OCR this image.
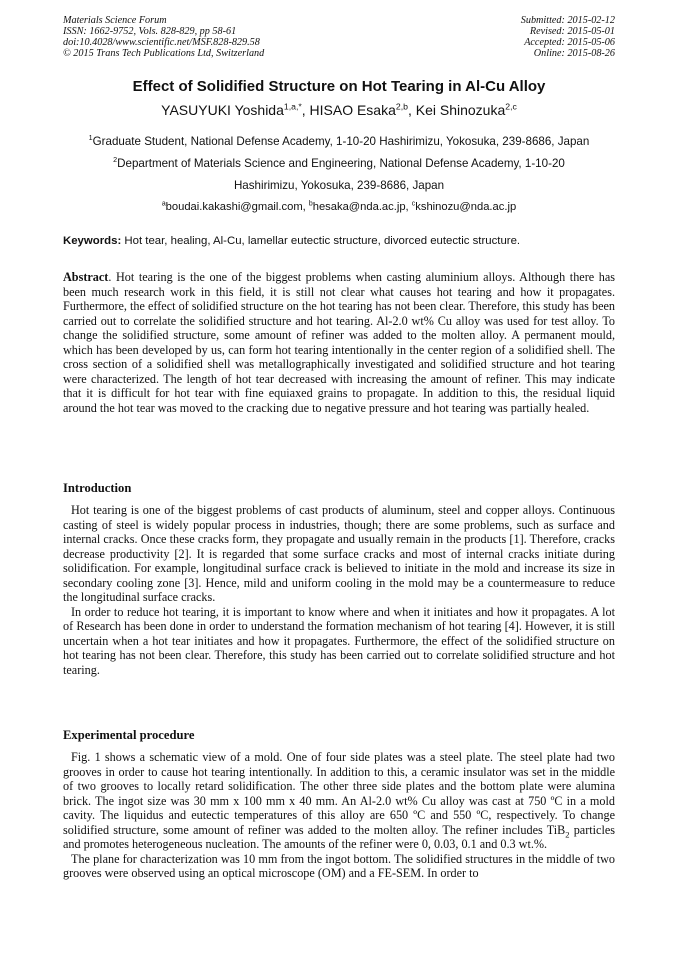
Materials Science Forum
ISSN: 1662-9752, Vols. 828-829, pp 58-61
doi:10.4028/www.scientific.net/MSF.828-829.58
© 2015 Trans Tech Publications Ltd, Switzerland
Submitted: 2015-02-12
Revised: 2015-05-01
Accepted: 2015-05-06
Online: 2015-08-26
Effect of Solidified Structure on Hot Tearing in Al-Cu Alloy
YASUYUKI Yoshida$^{1,a,*}$, HISAO Esaka$^{2,b}$, Kei Shinozuka$^{2,c}$
$^1$Graduate Student, National Defense Academy, 1-10-20 Hashirimizu, Yokosuka, 239-8686, Japan
$^2$Department of Materials Science and Engineering, National Defense Academy, 1-10-20
Hashirimizu, Yokosuka, 239-8686, Japan
$^a$boudai.kakashi@gmail.com, $^b$hesaka@nda.ac.jp, $^c$kshinozu@nda.ac.jp
Keywords: Hot tear, healing, Al-Cu, lamellar eutectic structure, divorced eutectic structure.

Abstract. Hot tearing is the one of the biggest problems when casting aluminium alloys. Although there has been much research work in this field, it is still not clear what causes hot tearing and how it propagates. Furthermore, the effect of solidified structure on the hot tearing has not been clear. Therefore, this study has been carried out to correlate the solidified structure and hot tearing. Al-2.0 wt% Cu alloy was used for test alloy. To change the solidified structure, some amount of refiner was added to the molten alloy. A permanent mould, which has been developed by us, can form hot tearing intentionally in the center region of a solidified shell. The cross section of a solidified shell was metallographically investigated and solidified structure and hot tearing were characterized. The length of hot tear decreased with increasing the amount of refiner. This may indicate that it is difficult for hot tear with fine equiaxed grains to propagate. In addition to this, the residual liquid around the hot tear was moved to the cracking due to negative pressure and hot tearing was partially healed.

Introduction

Hot tearing is one of the biggest problems of cast products of aluminum, steel and copper alloys. Continuous casting of steel is widely popular process in industries, though; there are some problems, such as surface and internal cracks. Once these cracks form, they propagate and usually remain in the products [1]. Therefore, cracks decrease productivity [2]. It is regarded that some surface cracks and most of internal cracks initiate during solidification. For example, longitudinal surface crack is believed to initiate in the mold and increase its size in secondary cooling zone [3]. Hence, mild and uniform cooling in the mold may be a countermeasure to reduce the longitudinal surface cracks.

In order to reduce hot tearing, it is important to know where and when it initiates and how it propagates. A lot of Research has been done in order to understand the formation mechanism of hot tearing [4]. However, it is still uncertain when a hot tear initiates and how it propagates. Furthermore, the effect of the solidified structure on hot tearing has not been clear. Therefore, this study has been carried out to correlate solidified structure and hot tearing.

Experimental procedure

Fig. 1 shows a schematic view of a mold. One of four side plates was a steel plate. The steel plate had two grooves in order to cause hot tearing intentionally. In addition to this, a ceramic insulator was set in the middle of two grooves to locally retard solidification. The other three side plates and the bottom plate were alumina brick. The ingot size was 30 mm x 100 mm x 40 mm. An Al-2.0 wt% Cu alloy was cast at 750 ºC in a mold cavity. The liquidus and eutectic temperatures of this alloy are 650 ºC and 550 ºC, respectively. To change solidified structure, some amount of refiner was added to the molten alloy. The refiner includes TiB$_2$ particles and promotes heterogeneous nucleation. The amounts of the refiner were 0, 0.03, 0.1 and 0.3 wt.%.

The plane for characterization was 10 mm from the ingot bottom. The solidified structures in the middle of two grooves were observed using an optical microscope (OM) and a FE-SEM. In order to
